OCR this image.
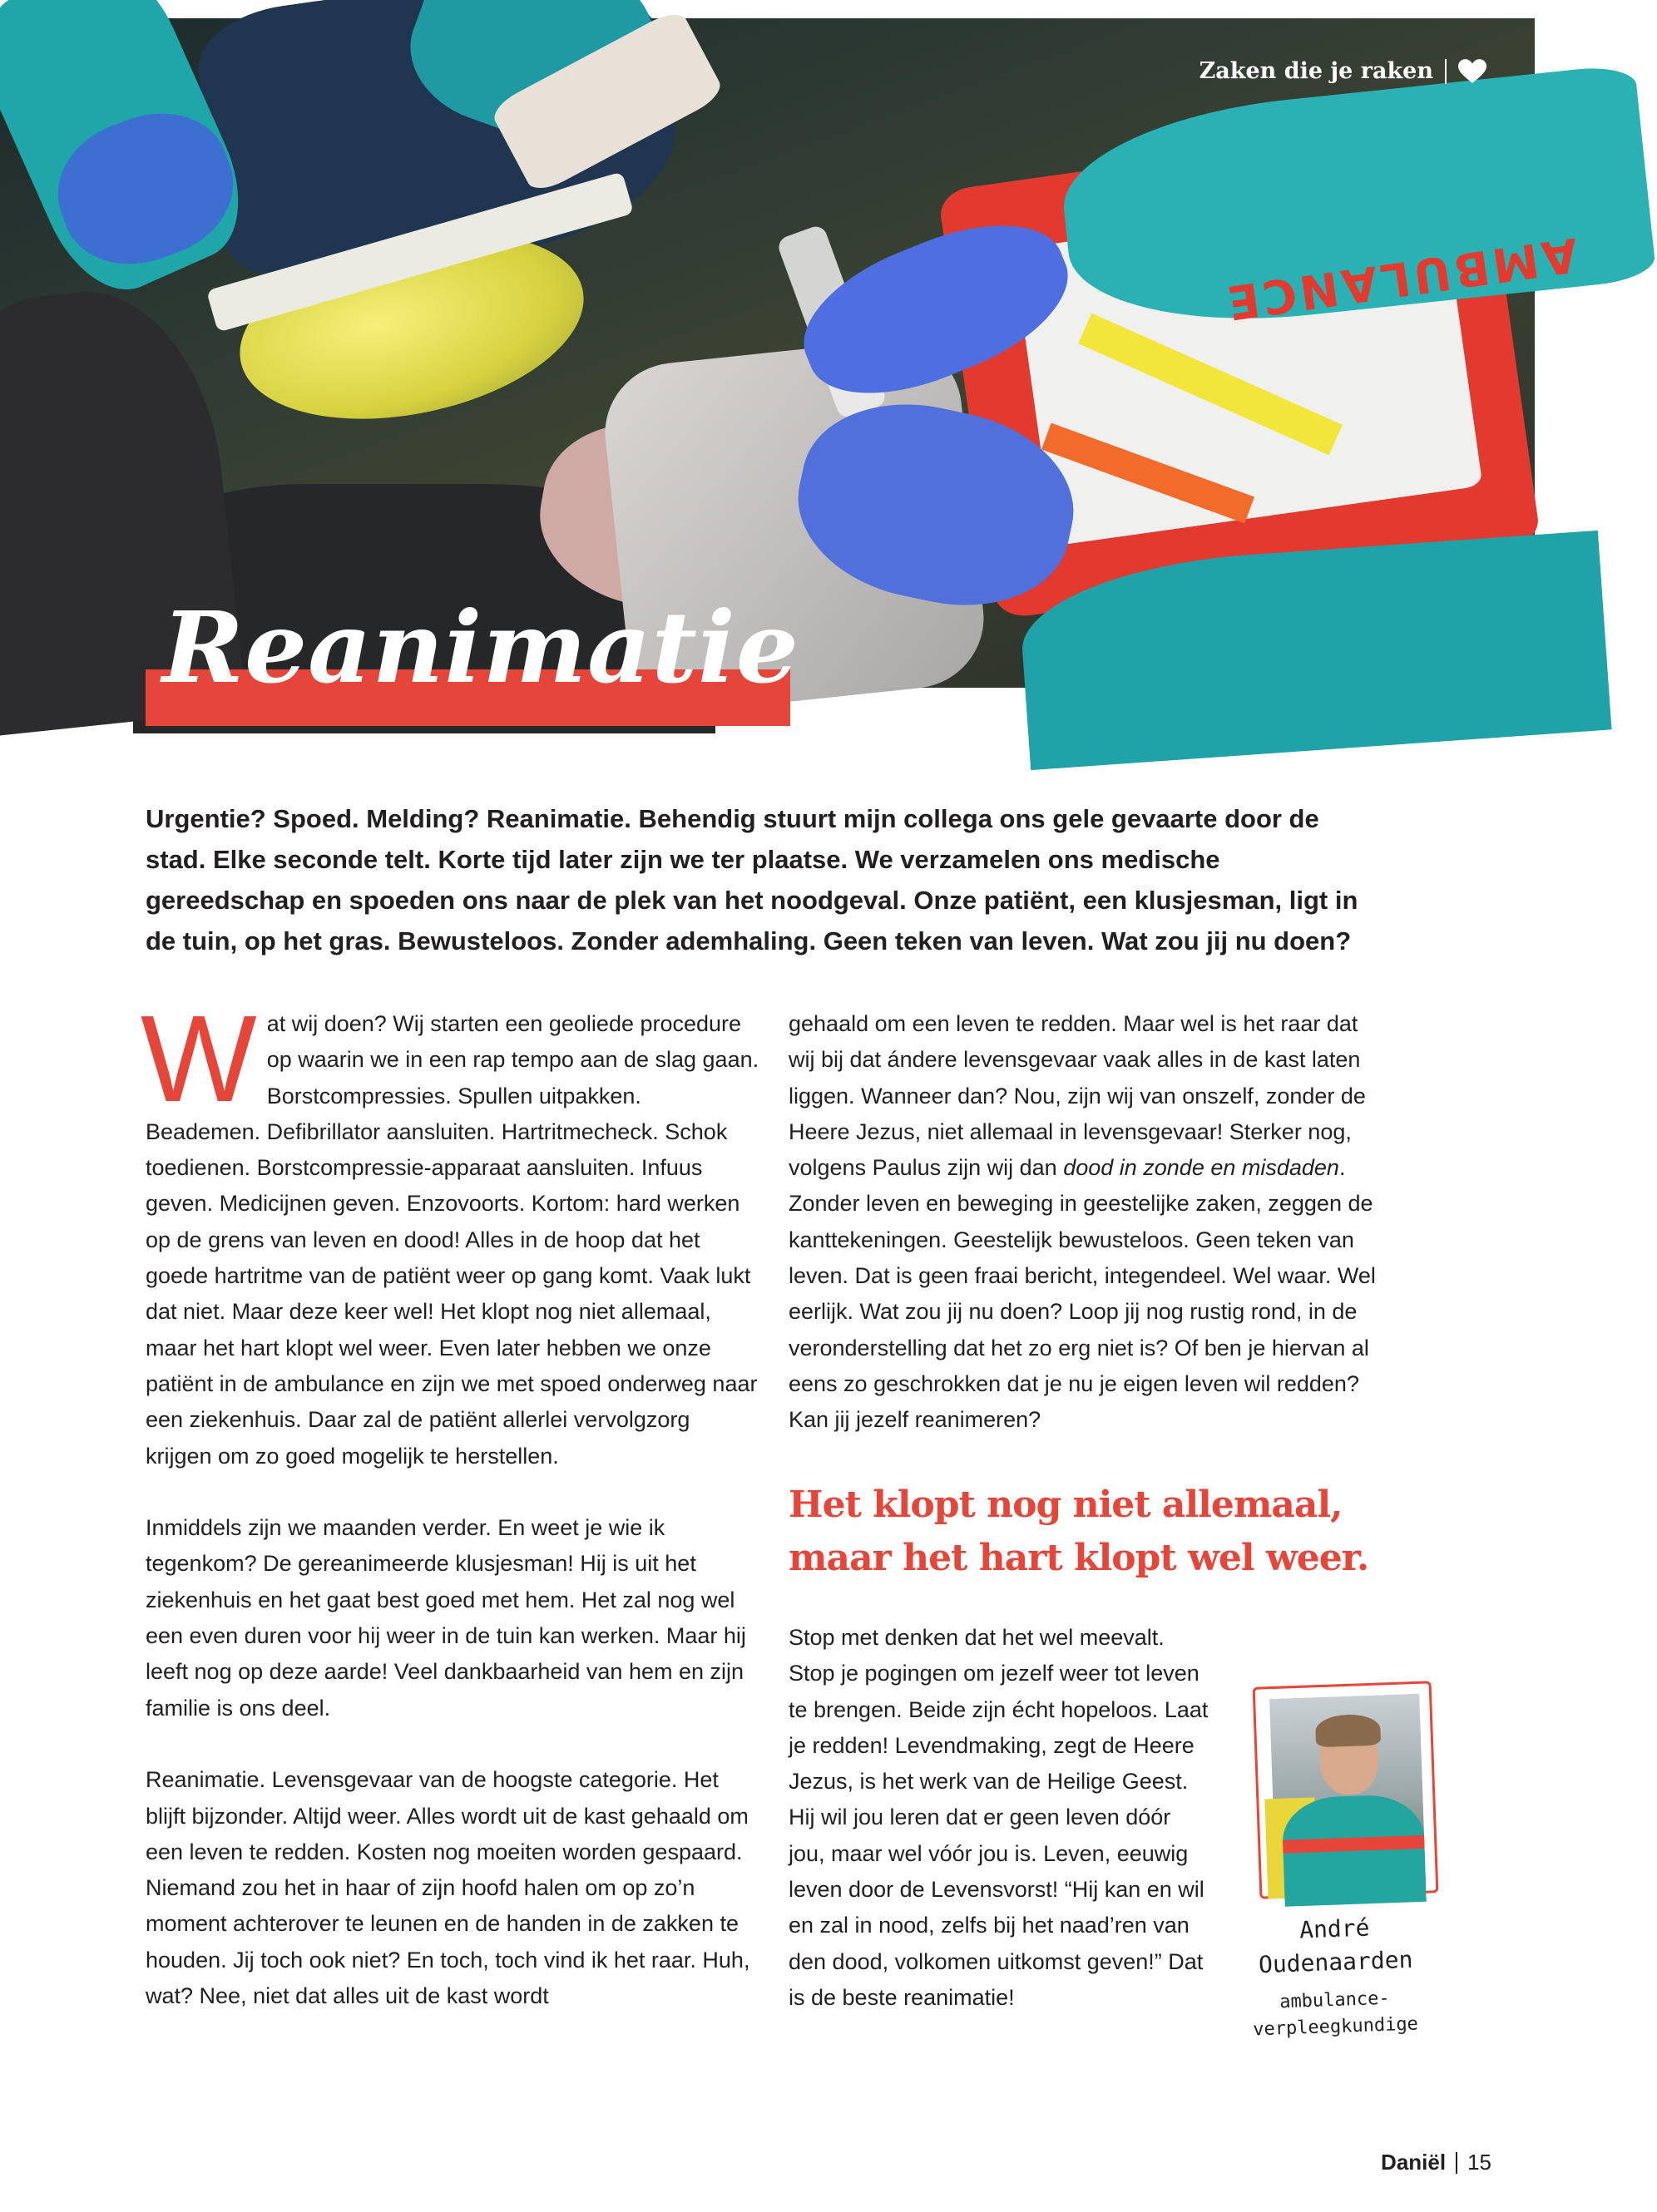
AMBULANCE
Zaken die je raken
Reanimatie

Urgentie? Spoed. Melding? Reanimatie. Behendig stuurt mijn collega ons gele gevaarte door de stad. Elke seconde telt. Korte tijd later zijn we ter plaatse. We verzamelen ons medische gereedschap en spoeden ons naar de plek van het noodgeval. Onze patiënt, een klusjesman, ligt in de tuin, op het gras. Bewusteloos. Zonder ademhaling. Geen teken van leven. Wat zou jij nu doen?

W at wij doen? Wij starten een geoliede procedure op waarin we in een rap tempo aan de slag gaan. Borstcompressies. Spullen uitpakken. Beademen. Defibrillator aansluiten. Hartritmecheck. Schok toedienen. Borstcompressie-apparaat aansluiten. Infuus geven. Medicijnen geven. Enzovoorts. Kortom: hard werken op de grens van leven en dood! Alles in de hoop dat het goede hartritme van de patiënt weer op gang komt. Vaak lukt dat niet. Maar deze keer wel! Het klopt nog niet allemaal, maar het hart klopt wel weer. Even later hebben we onze patiënt in de ambulance en zijn we met spoed onderweg naar een ziekenhuis. Daar zal de patiënt allerlei vervolgzorg krijgen om zo goed mogelijk te herstellen.

Inmiddels zijn we maanden verder. En weet je wie ik tegenkom? De gereanimeerde klusjesman! Hij is uit het ziekenhuis en het gaat best goed met hem. Het zal nog wel een even duren voor hij weer in de tuin kan werken. Maar hij leeft nog op deze aarde! Veel dankbaarheid van hem en zijn familie is ons deel.

Reanimatie. Levensgevaar van de hoogste categorie. Het blijft bijzonder. Altijd weer. Alles wordt uit de kast gehaald om een leven te redden. Kosten nog moeiten worden gespaard. Niemand zou het in haar of zijn hoofd halen om op zo’n moment achterover te leunen en de handen in de zakken te houden. Jij toch ook niet? En toch, toch vind ik het raar. Huh, wat? Nee, niet dat alles uit de kast wordt

gehaald om een leven te redden. Maar wel is het raar dat wij bij dat ándere levensgevaar vaak alles in de kast laten liggen. Wanneer dan? Nou, zijn wij van onszelf, zonder de Heere Jezus, niet allemaal in levensgevaar! Sterker nog, volgens Paulus zijn wij dan dood in zonde en misdaden. Zonder leven en beweging in geestelijke zaken, zeggen de kanttekeningen. Geestelijk bewusteloos. Geen teken van leven. Dat is geen fraai bericht, integendeel. Wel waar. Wel eerlijk. Wat zou jij nu doen? Loop jij nog rustig rond, in de veronderstelling dat het zo erg niet is? Of ben je hiervan al eens zo geschrokken dat je nu je eigen leven wil redden? Kan jij jezelf reanimeren?

Het klopt nog niet allemaal,
maar het hart klopt wel weer.

Stop met denken dat het wel meevalt. Stop je pogingen om jezelf weer tot leven te brengen. Beide zijn écht hopeloos. Laat je redden! Levendmaking, zegt de Heere Jezus, is het werk van de Heilige Geest. Hij wil jou leren dat er geen leven dóór jou, maar wel vóór jou is. Leven, eeuwig leven door de Levensvorst! “Hij kan en wil en zal in nood, zelfs bij het naad’ren van den dood, volkomen uitkomst geven!” Dat is de beste reanimatie!

André
Oudenaarden
ambulance-
verpleegkundige
Daniël 15
